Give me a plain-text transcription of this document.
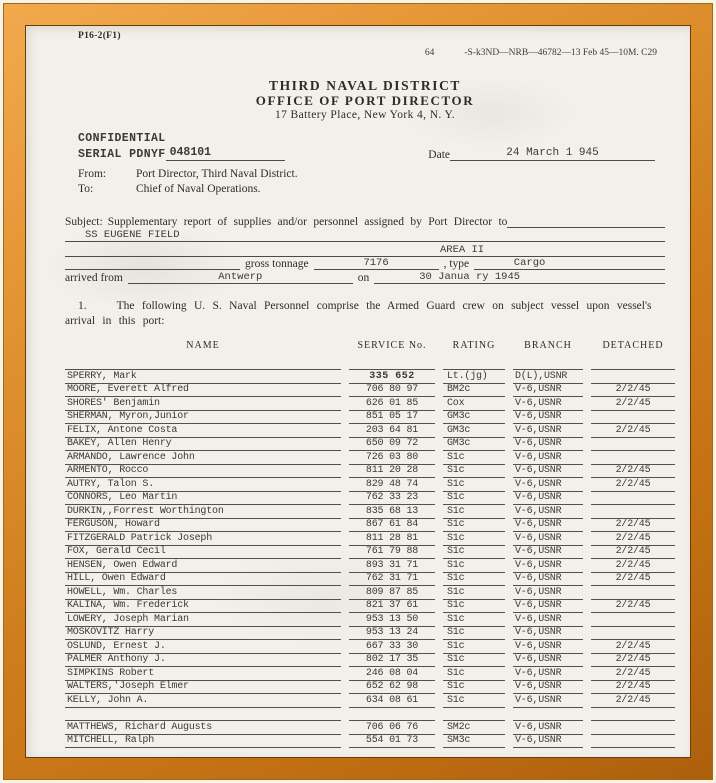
P16-2(F1)
64	-S-k3ND—NRB—46782—13 Feb 45—10M. C29
THIRD NAVAL DISTRICT
OFFICE OF PORT DIRECTOR
17 Battery Place, New York 4, N. Y.
CONFIDENTIAL
SERIAL PDNYF 048101	Date	24 March 1 945
From:	Port Director, Third Naval District.
To:	Chief of Naval Operations.
Subject: Supplementary report of supplies and/or personnel assigned by Port Director to
SS EUGENE FIELD
AREA II
gross tonnage	7176	, type	Cargo
arrived from	Antwerp	on	30 Janua ry 1945

1.	The following U. S. Naval Personnel comprise the Armed Guard crew on subject vessel upon vessel's arrival in this port:

NAME	SERVICE No.	RATING	BRANCH	DETACHED
SPERRY, Mark	335 652	Lt.(jg)	D(L),USNR
MOORE, Everett Alfred	706 80 97	BM2c	V-6,USNR	2/2/45
SHORES' Benjamin	626 01 85	Cox	V-6,USNR	2/2/45
SHERMAN, Myron,Junior	851 05 17	GM3c	V-6,USNR
FELIX, Antone Costa	203 64 81	GM3c	V-6,USNR	2/2/45
BAKEY, Allen Henry	650 09 72	GM3c	V-6,USNR
ARMANDO, Lawrence John	726 03 80	S1c	V-6,USNR
ARMENTO, Rocco	811 20 28	S1c	V-6,USNR	2/2/45
AUTRY, Talon S.	829 48 74	S1c	V-6,USNR	2/2/45
CONNORS, Leo Martin	762 33 23	S1c	V-6,USNR
DURKIN,,Forrest Worthington	835 68 13	S1c	V-6,USNR
FERGUSON, Howard	867 61 84	S1c	V-6,USNR	2/2/45
FITZGERALD Patrick Joseph	811 28 81	S1c	V-6,USNR	2/2/45
FOX, Gerald Cecil	761 79 88	S1c	V-6,USNR	2/2/45
HENSEN, Owen Edward	893 31 71	S1c	V-6,USNR	2/2/45
HILL, Owen Edward	762 31 71	S1c	V-6,USNR	2/2/45
HOWELL, Wm. Charles	809 87 85	S1c	V-6,USNR
KALINA, Wm. Frederick	821 37 61	S1c	V-6,USNR	2/2/45
LOWERY, Joseph Marian	953 13 50	S1c	V-6,USNR
MOSKOVITZ Harry	953 13 24	S1c	V-6,USNR
OSLUND, Ernest J.	667 33 30	S1c	V-6,USNR	2/2/45
PALMER Anthony J.	802 17 35	S1c	V-6,USNR	2/2/45
SIMPKINS Robert	246 08 04	S1c	V-6,USNR	2/2/45
WALTERS,'Joseph Elmer	652 62 98	S1c	V-6,USNR	2/2/45
KELLY, John A.	634 08 61	S1c	V-6,USNR	2/2/45
MATTHEWS, Richard Augusts	706 06 76	SM2c	V-6,USNR
MITCHELL, Ralph	554 01 73	SM3c	V-6,USNR
